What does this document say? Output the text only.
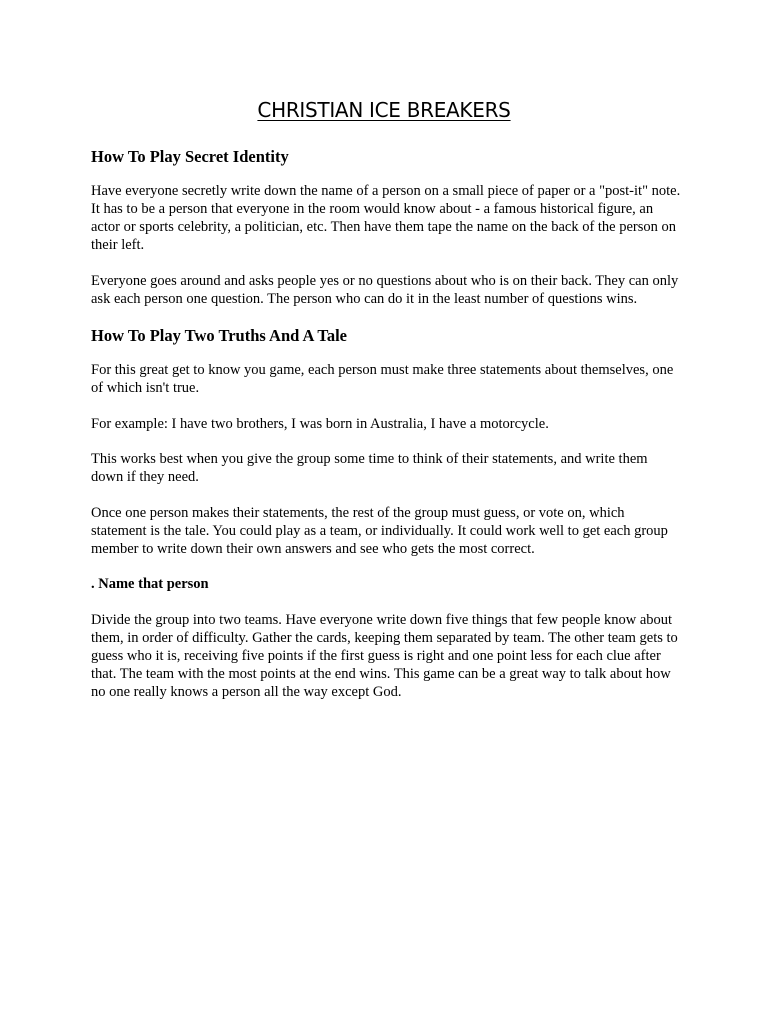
CHRISTIAN ICE BREAKERS
How To Play Secret Identity

Have everyone secretly write down the name of a person on a small piece of paper or a "post-it" note. It has to be a person that everyone in the room would know about - a famous historical figure, an actor or sports celebrity, a politician, etc. Then have them tape the name on the back of the person on their left.

Everyone goes around and asks people yes or no questions about who is on their back. They can only ask each person one question. The person who can do it in the least number of questions wins.

How To Play Two Truths And A Tale

For this great get to know you game, each person must make three statements about themselves, one of which isn't true.

For example: I have two brothers, I was born in Australia, I have a motorcycle.

This works best when you give the group some time to think of their statements, and write them down if they need.

Once one person makes their statements, the rest of the group must guess, or vote on, which statement is the tale. You could play as a team, or individually. It could work well to get each group member to write down their own answers and see who gets the most correct.

. Name that person

Divide the group into two teams. Have everyone write down five things that few people know about them, in order of difficulty. Gather the cards, keeping them separated by team. The other team gets to guess who it is, receiving five points if the first guess is right and one point less for each clue after that. The team with the most points at the end wins. This game can be a great way to talk about how no one really knows a person all the way except God.
